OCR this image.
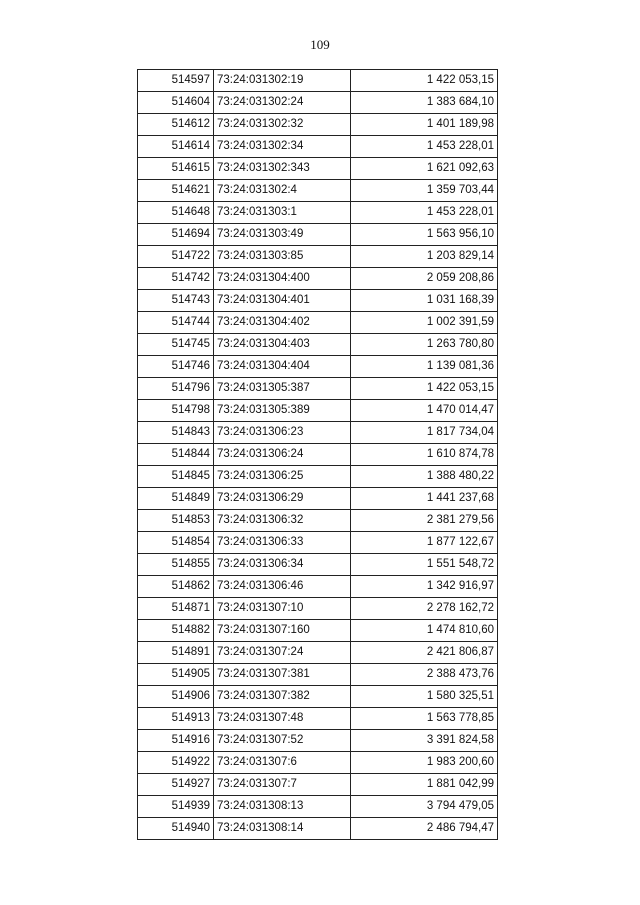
109
514597	73:24:031302:19	1 422 053,15
514604	73:24:031302:24	1 383 684,10
514612	73:24:031302:32	1 401 189,98
514614	73:24:031302:34	1 453 228,01
514615	73:24:031302:343	1 621 092,63
514621	73:24:031302:4	1 359 703,44
514648	73:24:031303:1	1 453 228,01
514694	73:24:031303:49	1 563 956,10
514722	73:24:031303:85	1 203 829,14
514742	73:24:031304:400	2 059 208,86
514743	73:24:031304:401	1 031 168,39
514744	73:24:031304:402	1 002 391,59
514745	73:24:031304:403	1 263 780,80
514746	73:24:031304:404	1 139 081,36
514796	73:24:031305:387	1 422 053,15
514798	73:24:031305:389	1 470 014,47
514843	73:24:031306:23	1 817 734,04
514844	73:24:031306:24	1 610 874,78
514845	73:24:031306:25	1 388 480,22
514849	73:24:031306:29	1 441 237,68
514853	73:24:031306:32	2 381 279,56
514854	73:24:031306:33	1 877 122,67
514855	73:24:031306:34	1 551 548,72
514862	73:24:031306:46	1 342 916,97
514871	73:24:031307:10	2 278 162,72
514882	73:24:031307:160	1 474 810,60
514891	73:24:031307:24	2 421 806,87
514905	73:24:031307:381	2 388 473,76
514906	73:24:031307:382	1 580 325,51
514913	73:24:031307:48	1 563 778,85
514916	73:24:031307:52	3 391 824,58
514922	73:24:031307:6	1 983 200,60
514927	73:24:031307:7	1 881 042,99
514939	73:24:031308:13	3 794 479,05
514940	73:24:031308:14	2 486 794,47
